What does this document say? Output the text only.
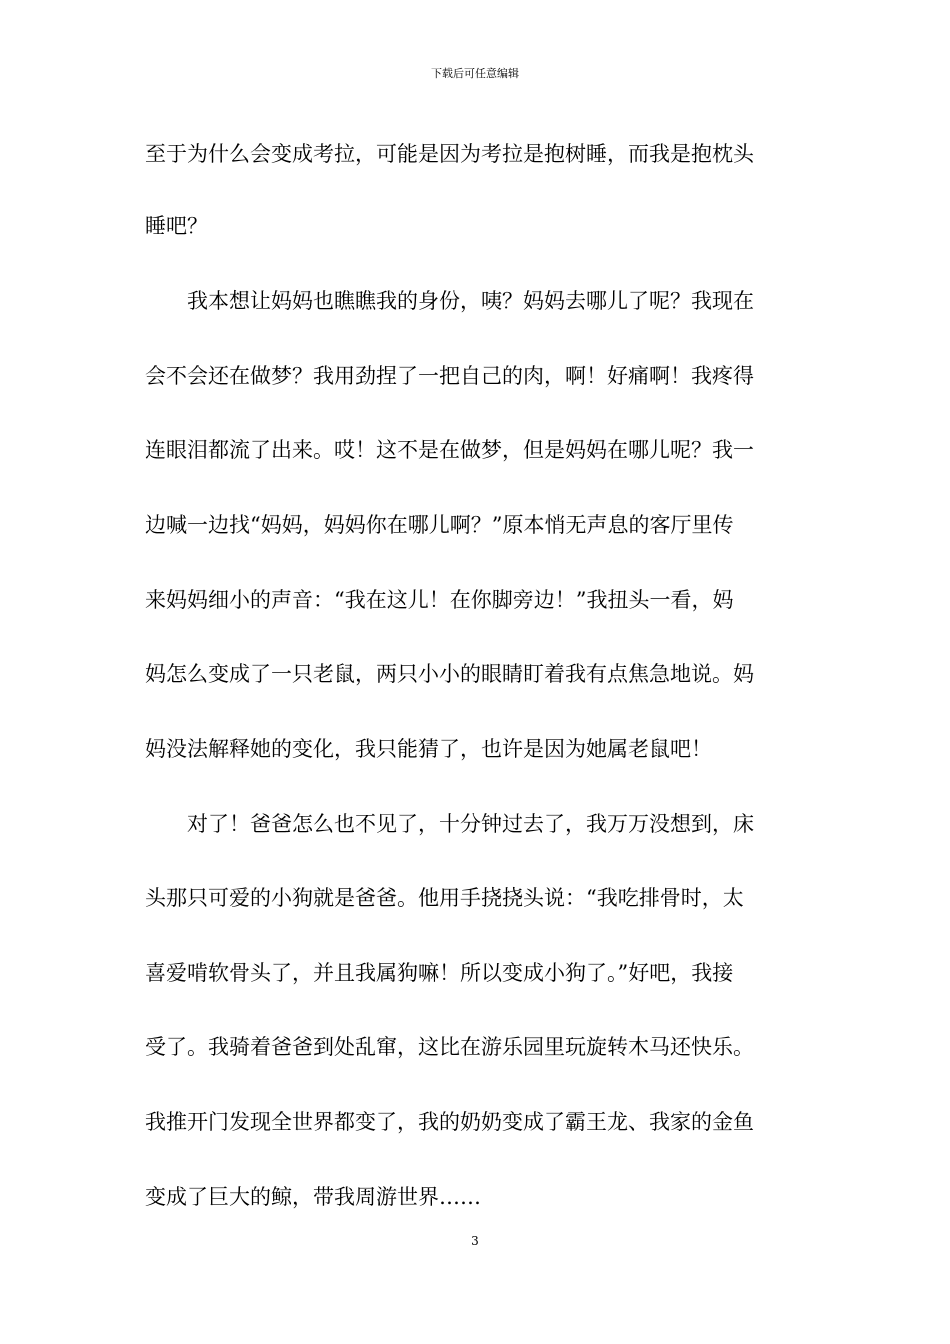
下载后可任意编辑
至于为什么会变成考拉，可能是因为考拉是抱树睡，而我是抱枕头
睡吧？
　　我本想让妈妈也瞧瞧我的身份，咦？妈妈去哪儿了呢？我现在
会不会还在做梦？我用劲捏了一把自己的肉，啊！好痛啊！我疼得
连眼泪都流了出来。哎！这不是在做梦，但是妈妈在哪儿呢？我一
边喊一边找“妈妈，妈妈你在哪儿啊？”原本悄无声息的客厅里传
来妈妈细小的声音：“我在这儿！在你脚旁边！”我扭头一看，妈
妈怎么变成了一只老鼠，两只小小的眼睛盯着我有点焦急地说。妈
妈没法解释她的变化，我只能猜了，也许是因为她属老鼠吧！
　　对了！爸爸怎么也不见了，十分钟过去了，我万万没想到，床
头那只可爱的小狗就是爸爸。他用手挠挠头说：“我吃排骨时，太
喜爱啃软骨头了，并且我属狗嘛！所以变成小狗了。”好吧，我接
受了。我骑着爸爸到处乱窜，这比在游乐园里玩旋转木马还快乐。
我推开门发现全世界都变了，我的奶奶变成了霸王龙、我家的金鱼
变成了巨大的鲸，带我周游世界……
3
